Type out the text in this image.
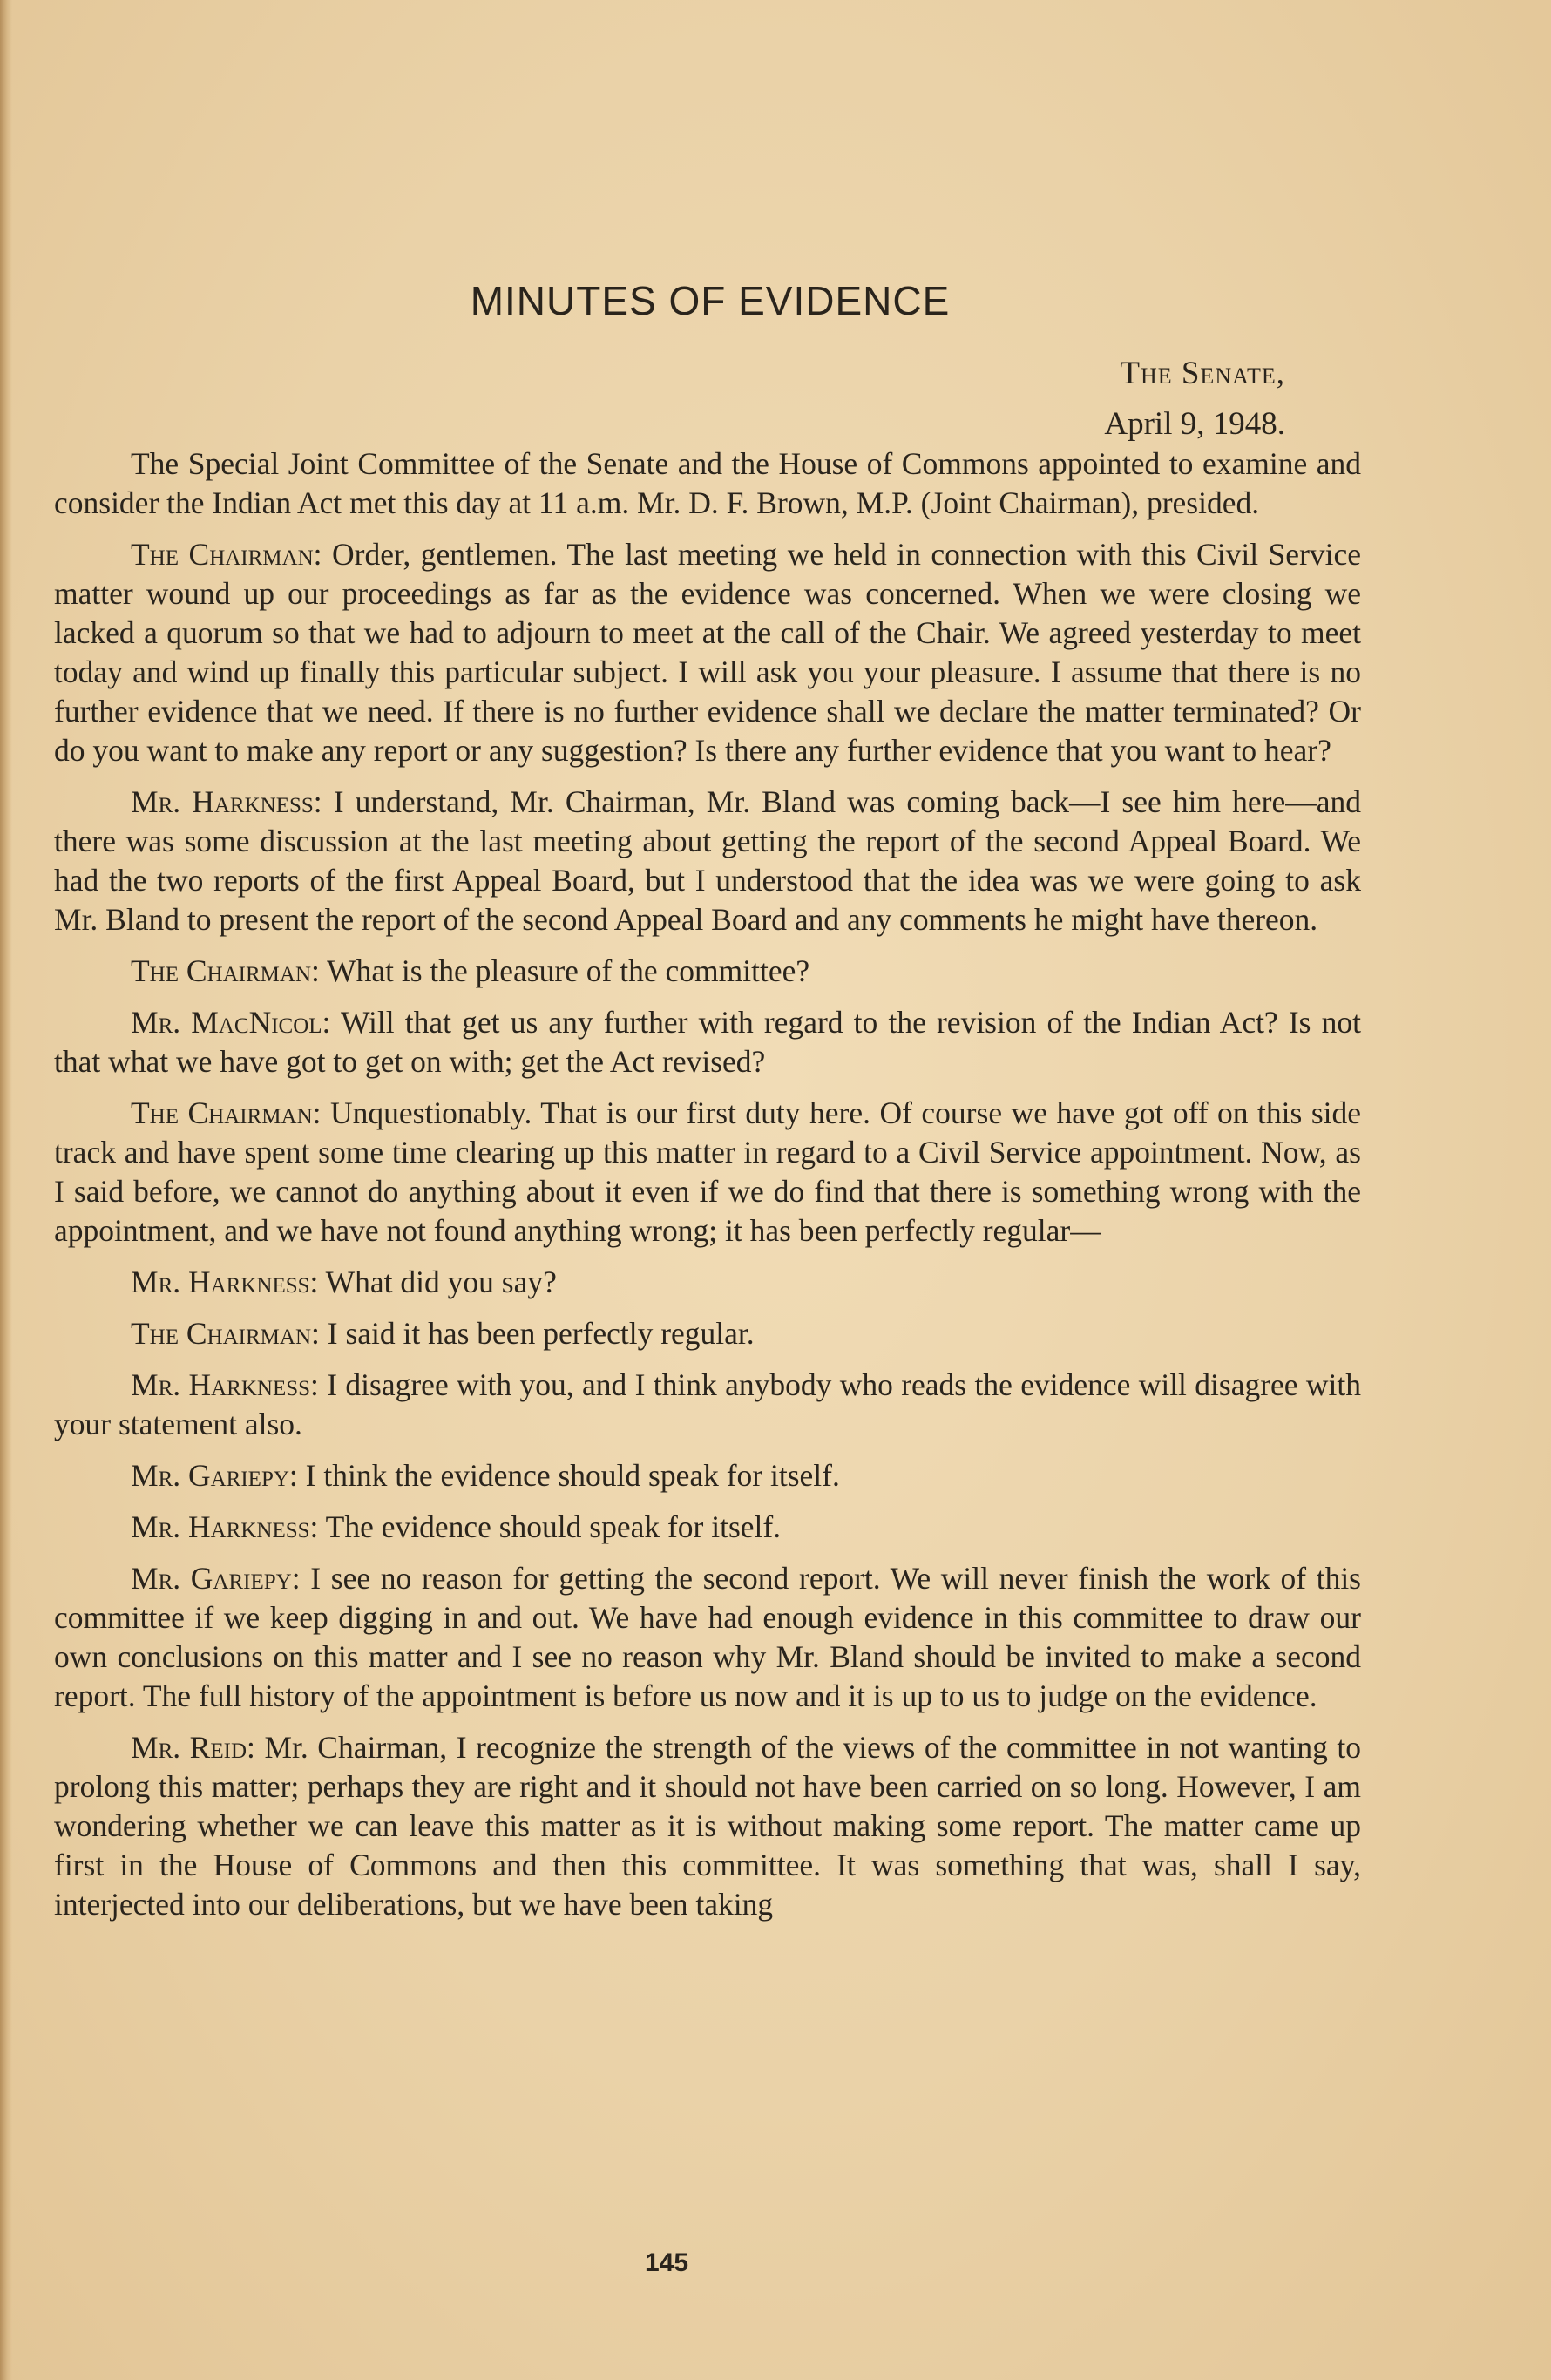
MINUTES OF EVIDENCE
The Senate,
April 9, 1948.

The Special Joint Committee of the Senate and the House of Commons appointed to examine and consider the Indian Act met this day at 11 a.m. Mr. D. F. Brown, M.P. (Joint Chairman), presided.

The Chairman: Order, gentlemen. The last meeting we held in connection with this Civil Service matter wound up our proceedings as far as the evidence was concerned. When we were closing we lacked a quorum so that we had to adjourn to meet at the call of the Chair. We agreed yesterday to meet today and wind up finally this particular subject. I will ask you your pleasure. I assume that there is no further evidence that we need. If there is no further evidence shall we declare the matter terminated? Or do you want to make any report or any suggestion? Is there any further evidence that you want to hear?

Mr. Harkness: I understand, Mr. Chairman, Mr. Bland was coming back—I see him here—and there was some discussion at the last meeting about getting the report of the second Appeal Board. We had the two reports of the first Appeal Board, but I understood that the idea was we were going to ask Mr. Bland to present the report of the second Appeal Board and any comments he might have thereon.

The Chairman: What is the pleasure of the committee?

Mr. MacNicol: Will that get us any further with regard to the revision of the Indian Act? Is not that what we have got to get on with; get the Act revised?

The Chairman: Unquestionably. That is our first duty here. Of course we have got off on this side track and have spent some time clearing up this matter in regard to a Civil Service appointment. Now, as I said before, we cannot do anything about it even if we do find that there is something wrong with the appointment, and we have not found anything wrong; it has been perfectly regular—

Mr. Harkness: What did you say?

The Chairman: I said it has been perfectly regular.

Mr. Harkness: I disagree with you, and I think anybody who reads the evidence will disagree with your statement also.

Mr. Gariepy: I think the evidence should speak for itself.

Mr. Harkness: The evidence should speak for itself.

Mr. Gariepy: I see no reason for getting the second report. We will never finish the work of this committee if we keep digging in and out. We have had enough evidence in this committee to draw our own conclusions on this matter and I see no reason why Mr. Bland should be invited to make a second report. The full history of the appointment is before us now and it is up to us to judge on the evidence.

Mr. Reid: Mr. Chairman, I recognize the strength of the views of the committee in not wanting to prolong this matter; perhaps they are right and it should not have been carried on so long. However, I am wondering whether we can leave this matter as it is without making some report. The matter came up first in the House of Commons and then this committee. It was something that was, shall I say, interjected into our deliberations, but we have been taking

145
